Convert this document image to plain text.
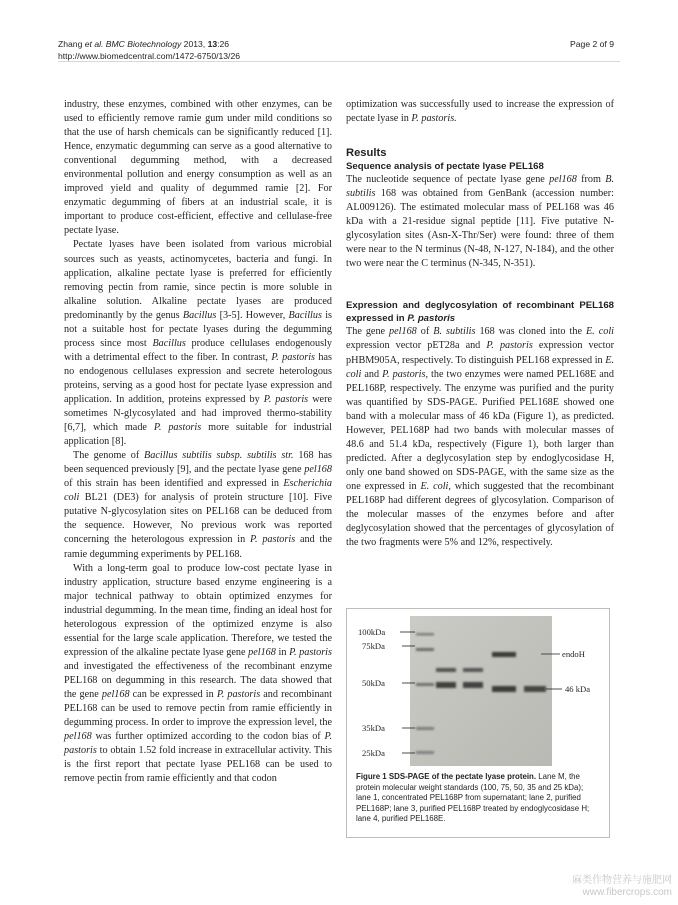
Zhang et al. BMC Biotechnology 2013, 13:26
http://www.biomedcentral.com/1472-6750/13/26
Page 2 of 9

industry, these enzymes, combined with other enzymes, can be used to efficiently remove ramie gum under mild conditions so that the use of harsh chemicals can be significantly reduced [1]. Hence, enzymatic degumming can serve as a good alternative to conventional degumming method, with a decreased environmental pollution and energy consumption as well as an improved yield and quality of degummed ramie [2]. For enzymatic degumming of fibers at an industrial scale, it is important to produce cost-efficient, effective and cellulase-free pectate lyase.

Pectate lyases have been isolated from various microbial sources such as yeasts, actinomycetes, bacteria and fungi. In application, alkaline pectate lyase is preferred for efficiently removing pectin from ramie, since pectin is more soluble in alkaline solution. Alkaline pectate lyases are produced predominantly by the genus Bacillus [3-5]. However, Bacillus is not a suitable host for pectate lyases during the degumming process since most Bacillus produce cellulases endogenously with a detrimental effect to the fiber. In contrast, P. pastoris has no endogenous cellulases expression and secrete heterologous proteins, serving as a good host for pectate lyase expression and application. In addition, proteins expressed by P. pastoris were sometimes N-glycosylated and had improved thermo-stability [6,7], which made P. pastoris more suitable for industrial application [8].

The genome of Bacillus subtilis subsp. subtilis str. 168 has been sequenced previously [9], and the pectate lyase gene pel168 of this strain has been identified and expressed in Escherichia coli BL21 (DE3) for analysis of protein structure [10]. Five putative N-glycosylation sites on PEL168 can be deduced from the sequence. However, No previous work was reported concerning the heterologous expression in P. pastoris and the ramie degumming experiments by PEL168.

With a long-term goal to produce low-cost pectate lyase in industry application, structure based enzyme engineering is a major technical pathway to obtain optimized enzymes for industrial degumming. In the mean time, finding an ideal host for heterologous expression of the optimized enzyme is also essential for the large scale application. Therefore, we tested the expression of the alkaline pectate lyase gene pel168 in P. pastoris and investigated the effectiveness of the recombinant enzyme PEL168 on degumming in this research. The data showed that the gene pel168 can be expressed in P. pastoris and recombinant PEL168 can be used to remove pectin from ramie efficiently in degumming process. In order to improve the expression level, the pel168 was further optimized according to the codon bias of P. pastoris to obtain 1.52 fold increase in extracellular activity. This is the first report that pectate lyase PEL168 can be used to remove pectin from ramie efficiently and that codon

optimization was successfully used to increase the expression of pectate lyase in P. pastoris.

Results

Sequence analysis of pectate lyase PEL168

The nucleotide sequence of pectate lyase gene pel168 from B. subtilis 168 was obtained from GenBank (accession number: AL009126). The estimated molecular mass of PEL168 was 46 kDa with a 21-residue signal peptide [11]. Five putative N-glycosylation sites (Asn-X-Thr/Ser) were found: three of them were near to the N terminus (N-48, N-127, N-184), and the other two were near the C terminus (N-345, N-351).

Expression and deglycosylation of recombinant PEL168 expressed in P. pastoris

The gene pel168 of B. subtilis 168 was cloned into the E. coli expression vector pET28a and P. pastoris expression vector pHBM905A, respectively. To distinguish PEL168 expressed in E. coli and P. pastoris, the two enzymes were named PEL168E and PEL168P, respectively. The enzyme was purified and the purity was quantified by SDS-PAGE. Purified PEL168E showed one band with a molecular mass of 46 kDa (Figure 1), as predicted. However, PEL168P had two bands with molecular masses of 48.6 and 51.4 kDa, respectively (Figure 1), both larger than predicted. After a deglycosylation step by endoglycosidase H, only one band showed on SDS-PAGE, with the same size as the one expressed in E. coli, which suggested that the recombinant PEL168P had different degrees of glycosylation. Comparison of the molecular masses of the enzymes before and after deglycosylation showed that the percentages of glycosylation of the two fragments were 5% and 12%, respectively.

100kDa
75kDa
50kDa
35kDa
25kDa
endoH
46 kDa
Figure 1 SDS-PAGE of the pectate lyase protein. Lane M, the protein molecular weight standards (100, 75, 50, 35 and 25 kDa); lane 1, concentrated PEL168P from supernatant; lane 2, purified PEL168P; lane 3, purified PEL168P treated by endoglycosidase H; lane 4, purified PEL168E.
麻类作物营养与施肥网
www.fibercrops.com
